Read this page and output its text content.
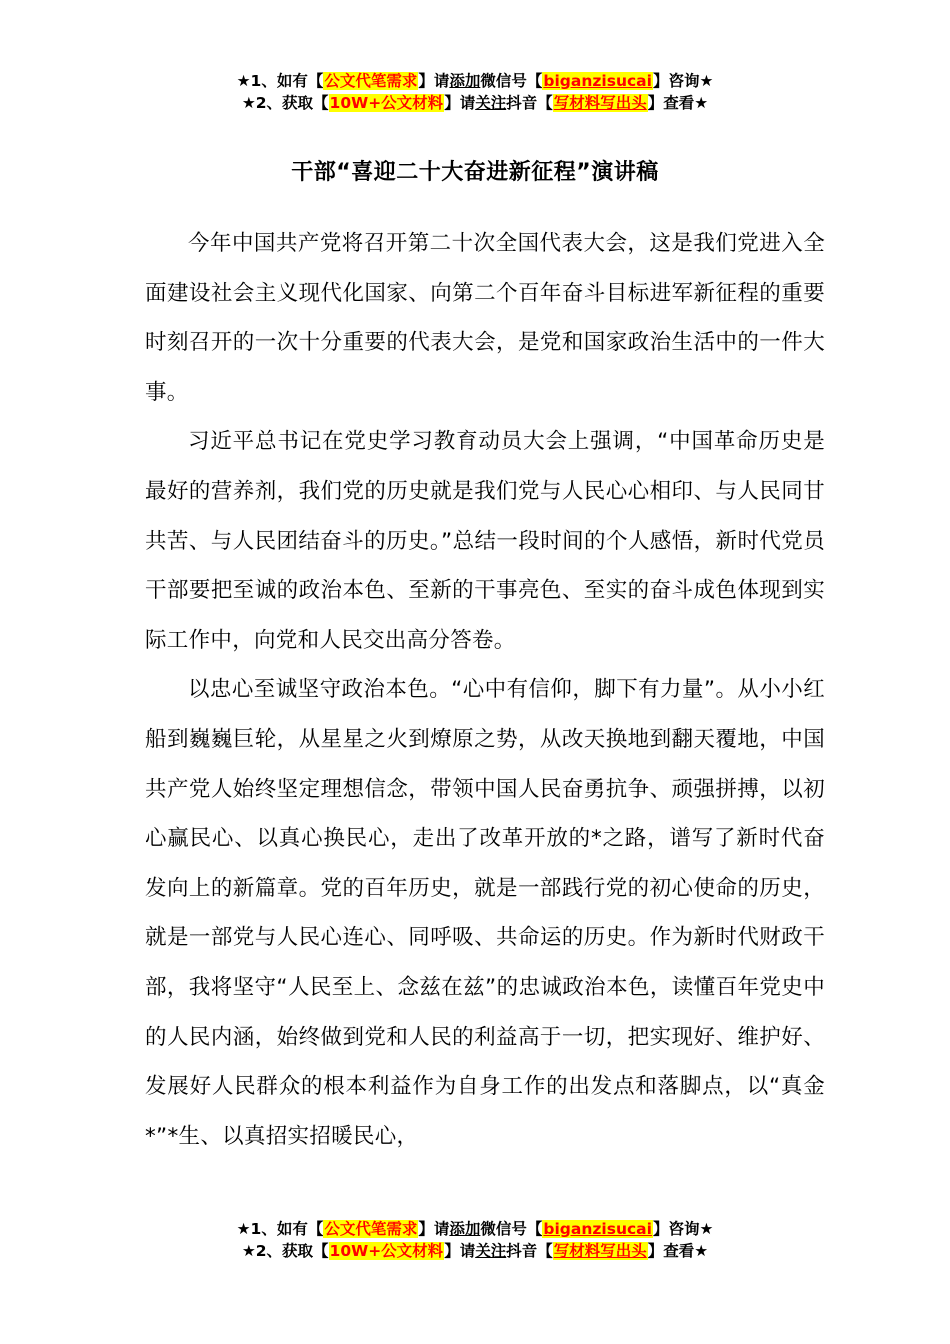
★1、如有【公文代笔需求】请添加微信号【biganzisucai】咨询★
★2、获取【10W+公文材料】请关注抖音【写材料写出头】查看★
干部“喜迎二十大奋进新征程”演讲稿

今年中国共产党将召开第二十次全国代表大会，这是我们党进入全面建设社会主义现代化国家、向第二个百年奋斗目标进军新征程的重要时刻召开的一次十分重要的代表大会，是党和国家政治生活中的一件大事。

习近平总书记在党史学习教育动员大会上强调，“中国革命历史是最好的营养剂，我们党的历史就是我们党与人民心心相印、与人民同甘共苦、与人民团结奋斗的历史。”总结一段时间的个人感悟，新时代党员干部要把至诚的政治本色、至新的干事亮色、至实的奋斗成色体现到实际工作中，向党和人民交出高分答卷。

以忠心至诚坚守政治本色。“心中有信仰，脚下有力量”。从小小红船到巍巍巨轮，从星星之火到燎原之势，从改天换地到翻天覆地，中国共产党人始终坚定理想信念，带领中国人民奋勇抗争、顽强拼搏，以初心赢民心、以真心换民心，走出了改革开放的*之路，谱写了新时代奋发向上的新篇章。党的百年历史，就是一部践行党的初心使命的历史，就是一部党与人民心连心、同呼吸、共命运的历史。作为新时代财政干部，我将坚守“人民至上、念兹在兹”的忠诚政治本色，读懂百年党史中的人民内涵，始终做到党和人民的利益高于一切，把实现好、维护好、发展好人民群众的根本利益作为自身工作的出发点和落脚点，以“真金*”*生、以真招实招暖民心，

★1、如有【公文代笔需求】请添加微信号【biganzisucai】咨询★
★2、获取【10W+公文材料】请关注抖音【写材料写出头】查看★
